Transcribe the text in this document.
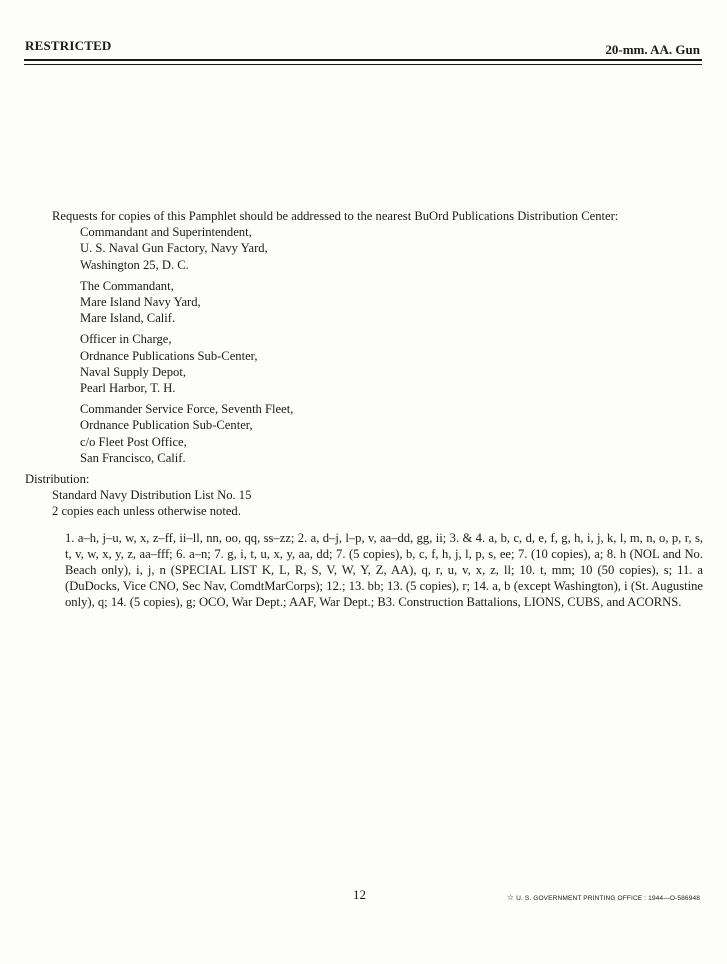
RESTRICTED	20-mm. AA. Gun

Requests for copies of this Pamphlet should be addressed to the nearest BuOrd Publications Distribution Center:

Commandant and Superintendent,
U. S. Naval Gun Factory, Navy Yard,
Washington 25, D. C.
The Commandant,
Mare Island Navy Yard,
Mare Island, Calif.
Officer in Charge,
Ordnance Publications Sub-Center,
Naval Supply Depot,
Pearl Harbor, T. H.
Commander Service Force, Seventh Fleet,
Ordnance Publication Sub-Center,
c/o Fleet Post Office,
San Francisco, Calif.

Distribution:

Standard Navy Distribution List No. 15

2 copies each unless otherwise noted.

1. a–h, j–u, w, x, z–ff, ii–ll, nn, oo, qq, ss–zz; 2. a, d–j, l–p, v, aa–dd, gg, ii; 3. & 4. a, b, c, d, e, f, g, h, i, j, k, l, m, n, o, p, r, s, t, v, w, x, y, z, aa–fff; 6. a–n; 7. g, i, t, u, x, y, aa, dd; 7. (5 copies), b, c, f, h, j, l, p, s, ee; 7. (10 copies), a; 8. h (NOL and No. Beach only), i, j, n (SPECIAL LIST K, L, R, S, V, W, Y, Z, AA), q, r, u, v, x, z, ll; 10. t, mm; 10 (50 copies), s; 11. a (DuDocks, Vice CNO, Sec Nav, ComdtMarCorps); 12.; 13. bb; 13. (5 copies), r; 14. a, b (except Washington), i (St. Augustine only), q; 14. (5 copies), g; OCO, War Dept.; AAF, War Dept.; B3. Construction Battalions, LIONS, CUBS, and ACORNS.

12	☆ U. S. GOVERNMENT PRINTING OFFICE : 1944—O-586948
